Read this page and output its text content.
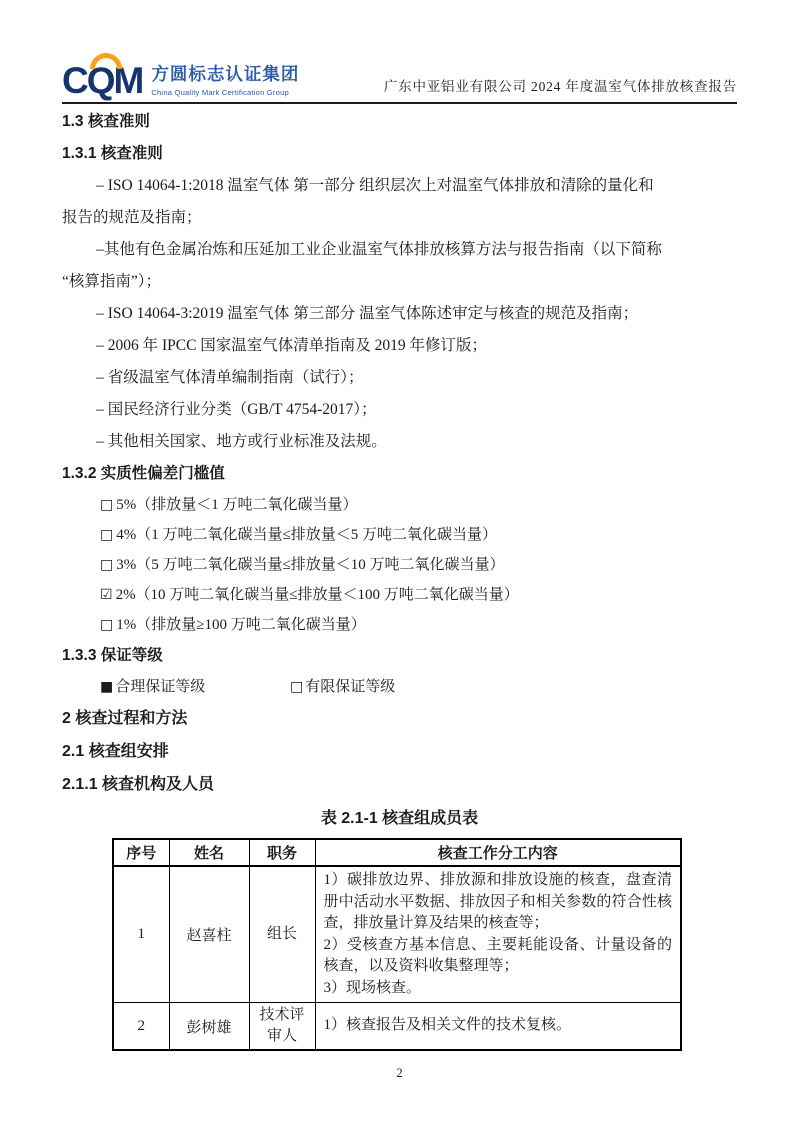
CQM 方圆标志认证集团
China Quality Mark Certification Group	广东中亚铝业有限公司 2024 年度温室气体排放核查报告

1.3 核查准则

1.3.1 核查准则

– ISO 14064-1:2018 温室气体 第一部分 组织层次上对温室气体排放和清除的量化和
报告的规范及指南；
–其他有色金属冶炼和压延加工业企业温室气体排放核算方法与报告指南（以下简称
“核算指南”）；
– ISO 14064-3:2019 温室气体 第三部分 温室气体陈述审定与核查的规范及指南；
– 2006 年 IPCC 国家温室气体清单指南及 2019 年修订版；
– 省级温室气体清单编制指南（试行）；
– 国民经济行业分类（GB/T 4754-2017）；
– 其他相关国家、地方或行业标准及法规。

1.3.2 实质性偏差门槛值

□ 5%（排放量＜1 万吨二氧化碳当量）
□ 4%（1 万吨二氧化碳当量≤排放量＜5 万吨二氧化碳当量）
□ 3%（5 万吨二氧化碳当量≤排放量＜10 万吨二氧化碳当量）
☑ 2%（10 万吨二氧化碳当量≤排放量＜100 万吨二氧化碳当量）
□ 1%（排放量≥100 万吨二氧化碳当量）

1.3.3 保证等级

■ 合理保证等级	□ 有限保证等级

2 核查过程和方法

2.1 核查组安排

2.1.1 核查机构及人员

表 2.1-1 核查组成员表
序号	姓名	职务	核查工作分工内容
1	赵喜柱	组长	1）碳排放边界、排放源和排放设施的核查，盘查清册中活动水平数据、排放因子和相关参数的符合性核查，排放量计算及结果的核查等；

2）受核查方基本信息、主要耗能设备、计量设备的核查，以及资料收集整理等；

3）现场核查。

2	彭树雄	技术评审人	1）核查报告及相关文件的技术复核。

2
